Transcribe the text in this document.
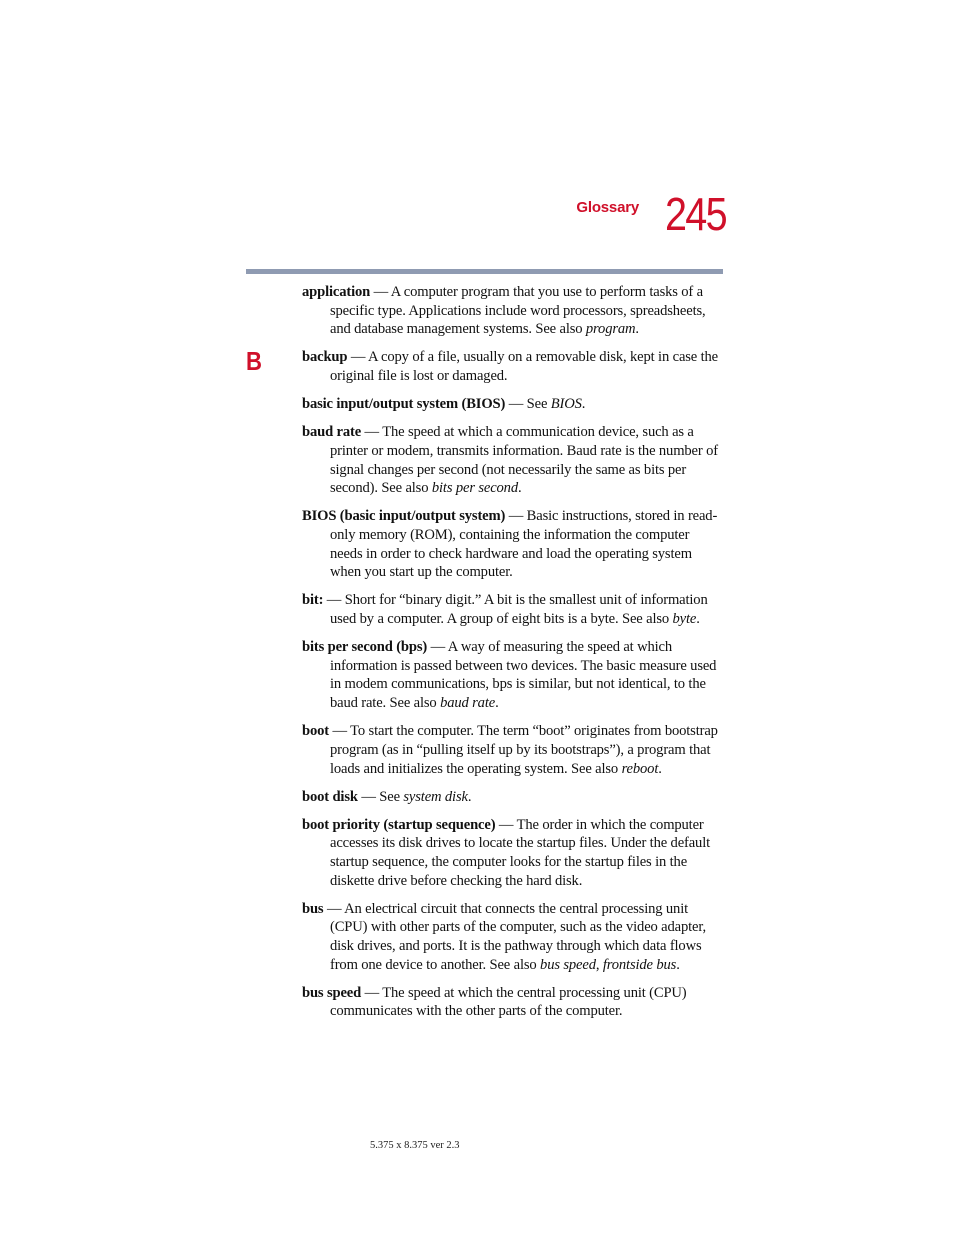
Glossary 245
B

application — A computer program that you use to perform tasks of a specific type. Applications include word processors, spreadsheets, and database management systems. See also program.

backup — A copy of a file, usually on a removable disk, kept in case the original file is lost or damaged.

basic input/output system (BIOS) — See BIOS.

baud rate — The speed at which a communication device, such as a printer or modem, transmits information. Baud rate is the number of signal changes per second (not necessarily the same as bits per second). See also bits per second.

BIOS (basic input/output system) — Basic instructions, stored in read-only memory (ROM), containing the information the computer needs in order to check hardware and load the operating system when you start up the computer.

bit: — Short for “binary digit.” A bit is the smallest unit of information used by a computer. A group of eight bits is a byte. See also byte.

bits per second (bps) — A way of measuring the speed at which information is passed between two devices. The basic measure used in modem communications, bps is similar, but not identical, to the baud rate. See also baud rate.

boot — To start the computer. The term “boot” originates from bootstrap program (as in “pulling itself up by its bootstraps”), a program that loads and initializes the operating system. See also reboot.

boot disk — See system disk.

boot priority (startup sequence) — The order in which the computer accesses its disk drives to locate the startup files. Under the default startup sequence, the computer looks for the startup files in the diskette drive before checking the hard disk.

bus — An electrical circuit that connects the central processing unit (CPU) with other parts of the computer, such as the video adapter, disk drives, and ports. It is the pathway through which data flows from one device to another. See also bus speed, frontside bus.

bus speed — The speed at which the central processing unit (CPU) communicates with the other parts of the computer.

5.375 x 8.375 ver 2.3
